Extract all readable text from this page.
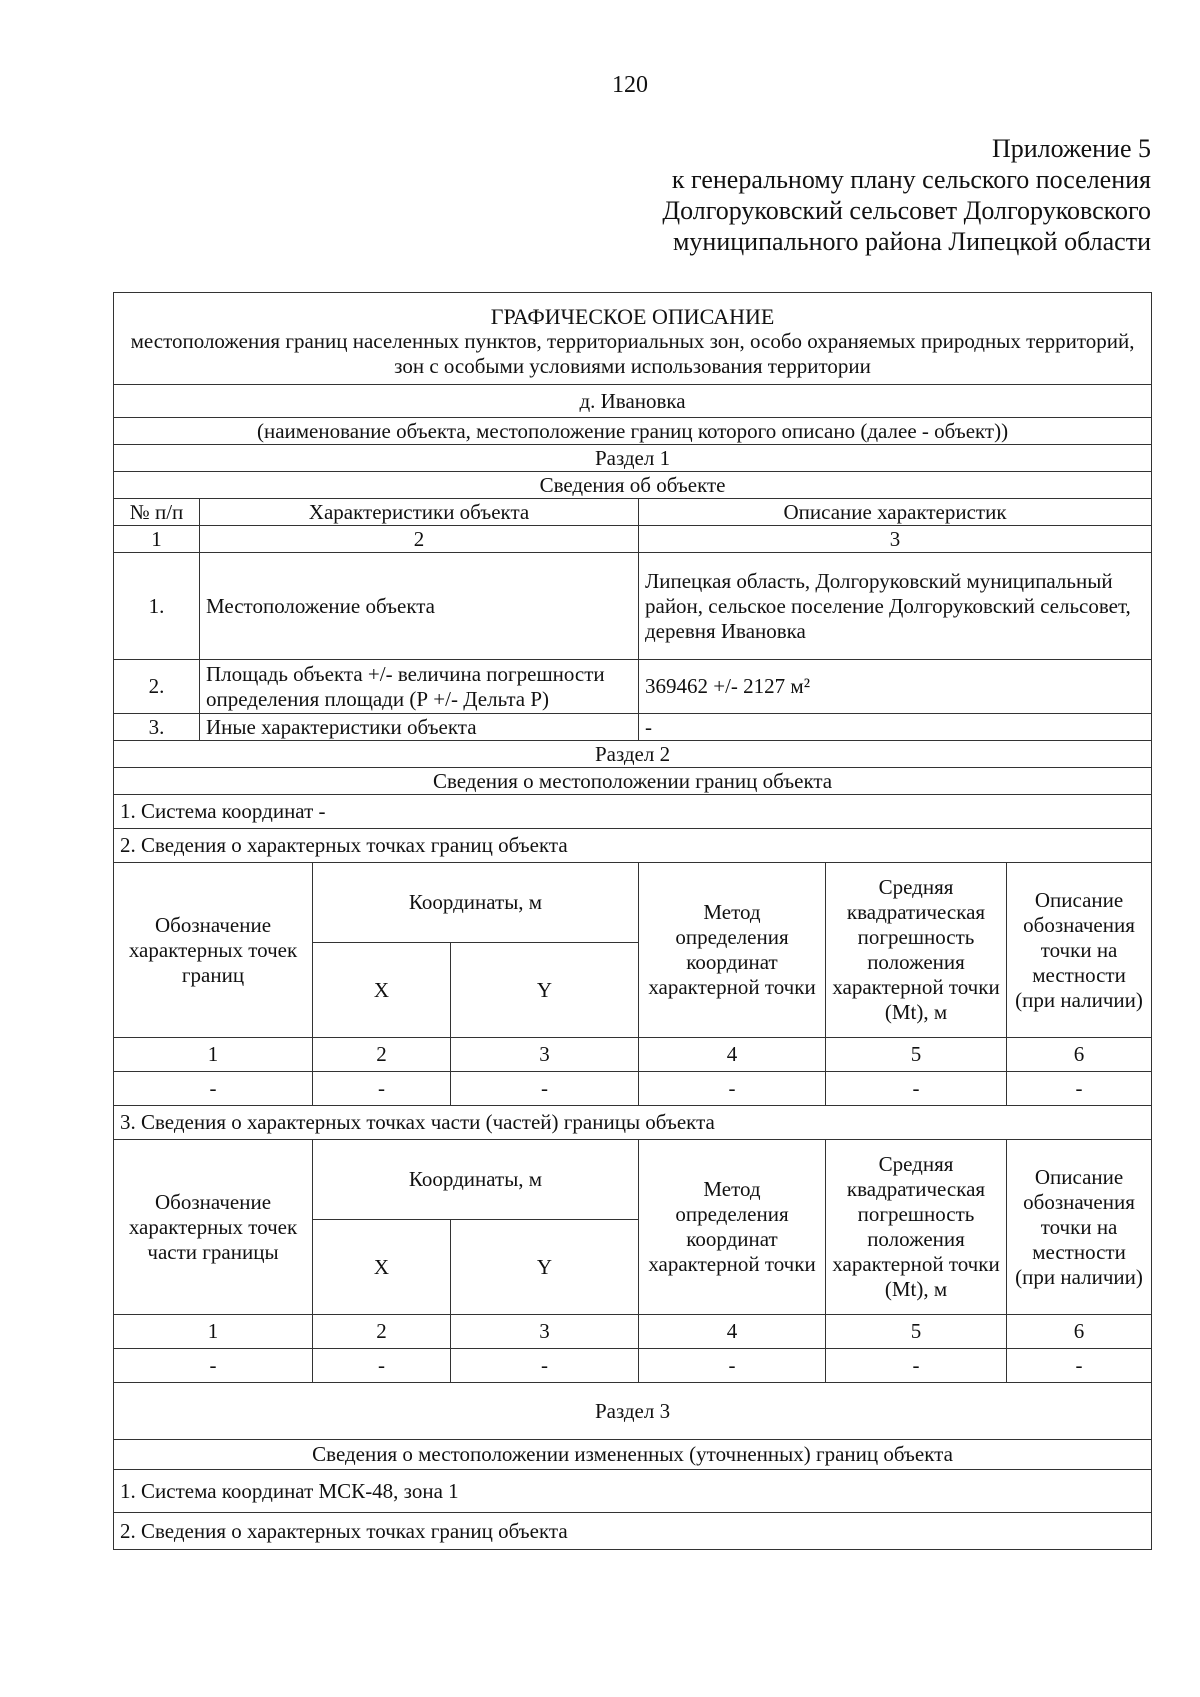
120
Приложение 5
к генеральному плану сельского поселения
Долгоруковский сельсовет Долгоруковского
муниципального района Липецкой области
ГРАФИЧЕСКОЕ ОПИСАНИЕ
местоположения границ населенных пунктов, территориальных зон, особо охраняемых природных территорий, зон с особыми условиями использования территории						

д. Ивановка						
(наименование объекта, местоположение границ которого описано (далее - объект))						
Раздел 1						
Сведения об объекте						
№ п/п	Характеристики объекта			Описание характеристик		
1	2			3		
1.	Местоположение объекта			Липецкая область, Долгоруковский муниципальный район, сельское поселение Долгоруковский сельсовет, деревня Ивановка		
2.	Площадь объекта +/- величина погрешности определения площади (Р +/- Дельта Р)			369462 +/- 2127 м²		
3.	Иные характеристики объекта			-		
Раздел 2						
Сведения о местоположении границ объекта						
1. Система координат -						
2. Сведения о характерных точках границ объекта						
Обозначение характерных точек границ		Координаты, м		Метод определения координат характерной точки	Средняя квадратическая погрешность положения характерной точки (Mt), м	Описание обозначения точки на местности (при наличии)
		X	Y			
1		2	3	4	5	6
-		-	-	-	-	-
3. Сведения о характерных точках части (частей) границы объекта						
Обозначение характерных точек части границы		Координаты, м		Метод определения координат характерной точки	Средняя квадратическая погрешность положения характерной точки (Mt), м	Описание обозначения точки на местности (при наличии)
		X	Y			
1		2	3	4	5	6
-		-	-	-	-	-
Раздел 3						
Сведения о местоположении измененных (уточненных) границ объекта						
1. Система координат МСК-48, зона 1						
2. Сведения о характерных точках границ объекта						
